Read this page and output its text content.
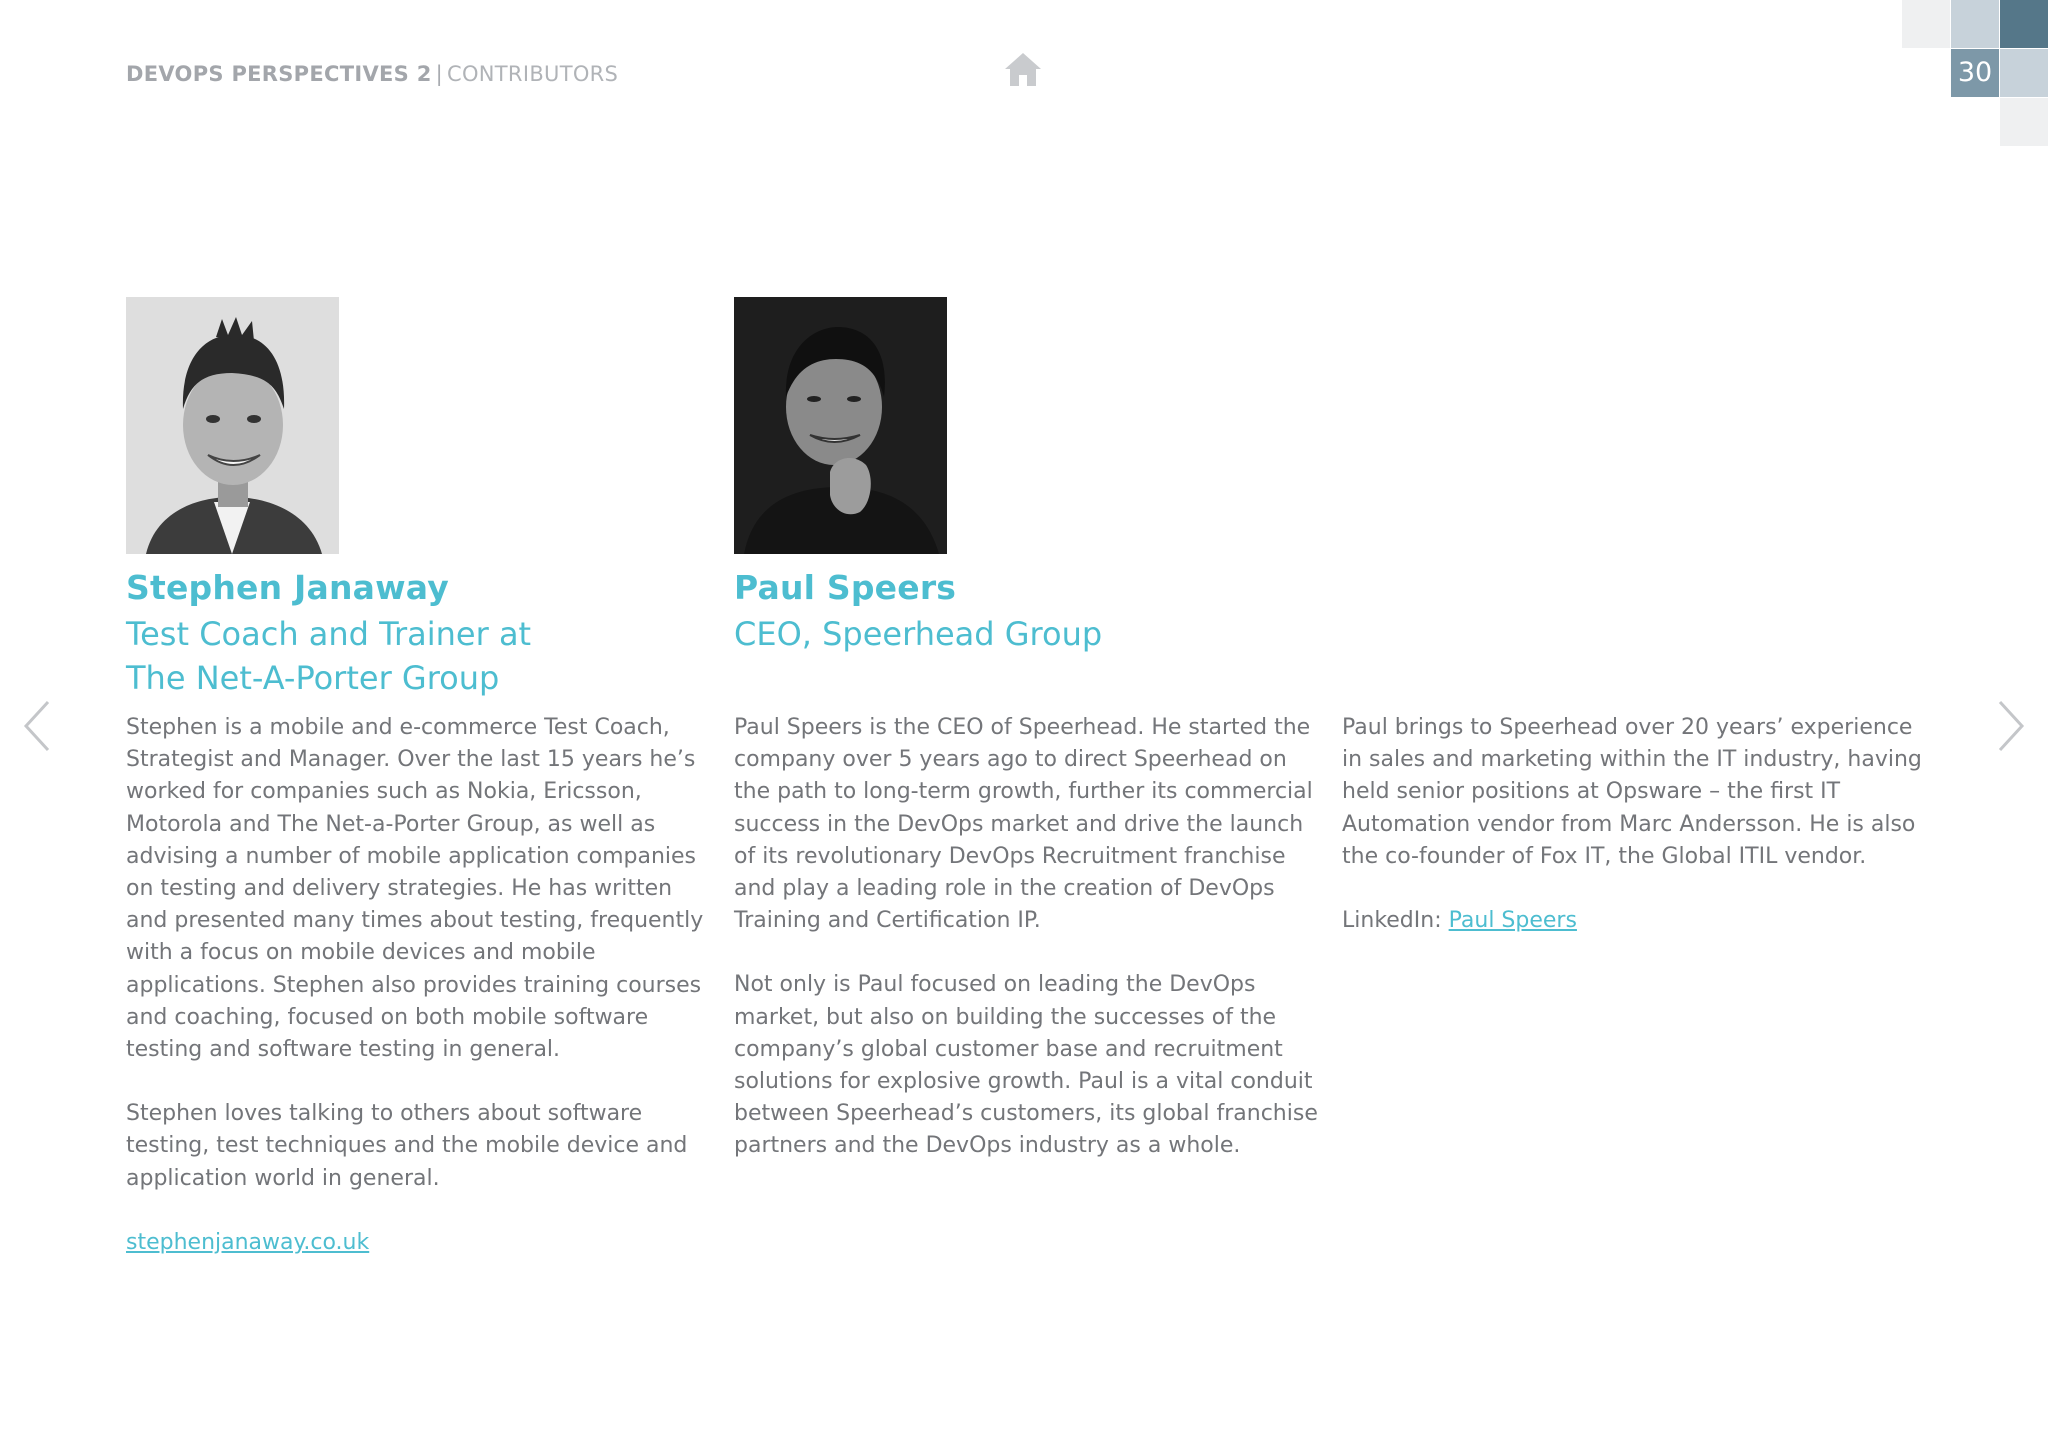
DEVOPS PERSPECTIVES 2 | CONTRIBUTORS	30
Stephen Janaway
Test Coach and Trainer at
The Net-A-Porter Group

Stephen is a mobile and e-commerce Test Coach, Strategist and Manager. Over the last 15 years he’s worked for companies such as Nokia, Ericsson, Motorola and The Net-a-Porter Group, as well as advising a number of mobile application companies on testing and delivery strategies. He has written and presented many times about testing, frequently with a focus on mobile devices and mobile applications. Stephen also provides training courses and coaching, focused on both mobile software testing and software testing in general.

Stephen loves talking to others about software testing, test techniques and the mobile device and application world in general.

stephenjanaway.co.uk

Paul Speers
CEO, Speerhead Group

Paul Speers is the CEO of Speerhead. He started the company over 5 years ago to direct Speerhead on the path to long-term growth, further its commercial success in the DevOps market and drive the launch of its revolutionary DevOps Recruitment franchise and play a leading role in the creation of DevOps Training and Certification IP.

Not only is Paul focused on leading the DevOps market, but also on building the successes of the company’s global customer base and recruitment solutions for explosive growth. Paul is a vital conduit between Speerhead’s customers, its global franchise partners and the DevOps industry as a whole.

Paul brings to Speerhead over 20 years’ experience in sales and marketing within the IT industry, having held senior positions at Opsware – the first IT Automation vendor from Marc Andersson. He is also the co-founder of Fox IT, the Global ITIL vendor.

LinkedIn: Paul Speers
